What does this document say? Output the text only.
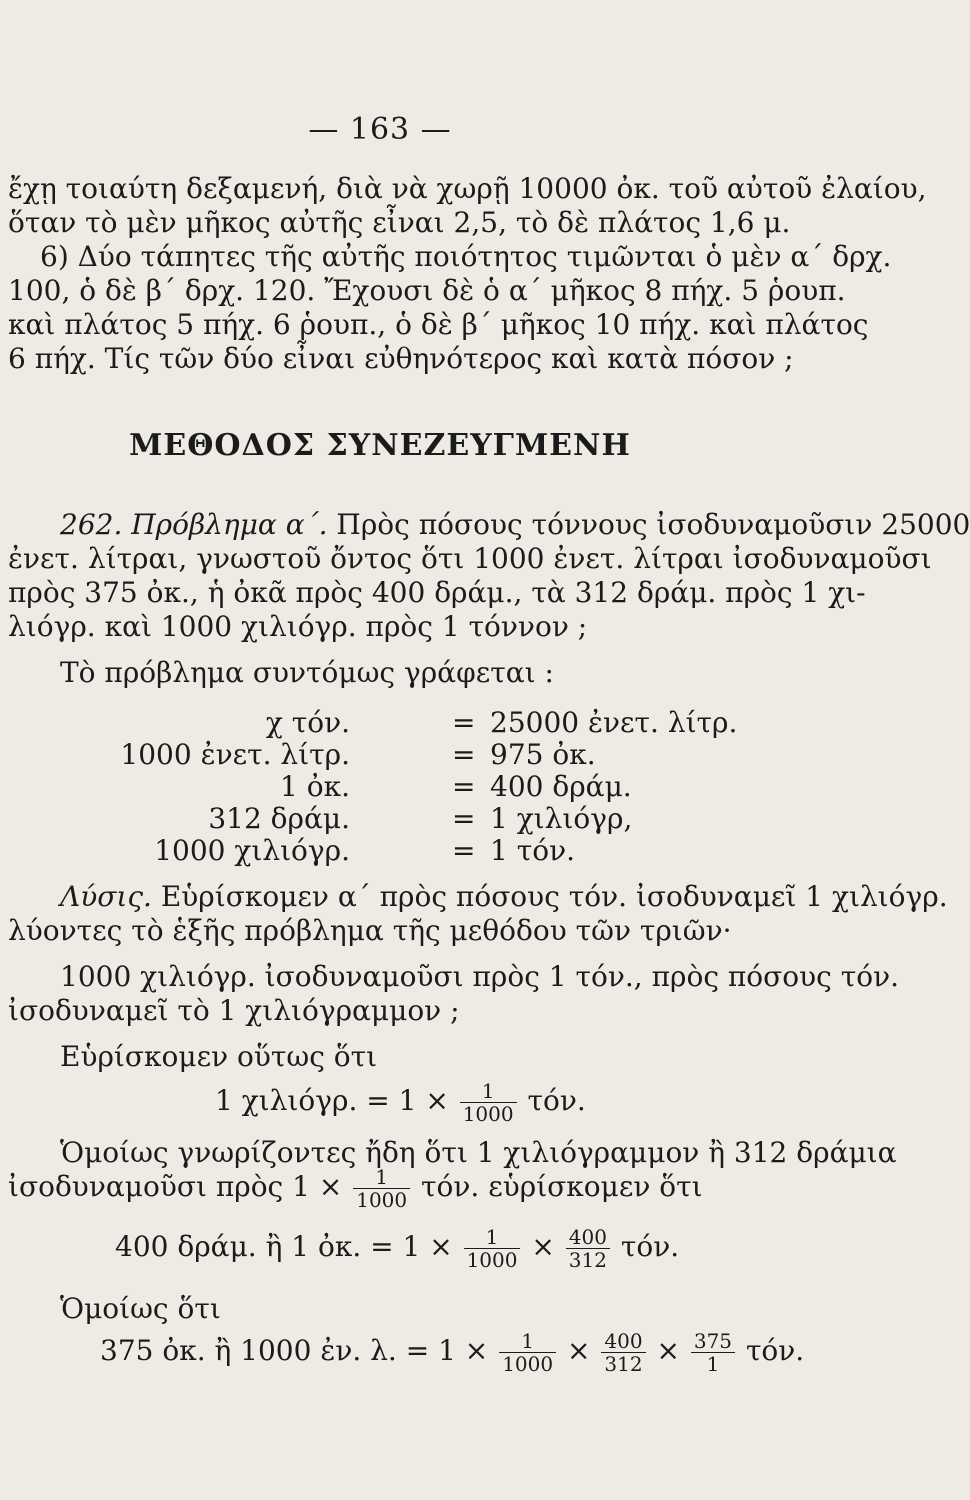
— 163 —
ἔχῃ τοιαύτη δεξαμενή, διὰ νὰ χωρῇ 10000 ὀκ. τοῦ αὐτοῦ ἐλαίου,
ὅταν τὸ μὲν μῆκος αὐτῆς εἶναι 2,5, τὸ δὲ πλάτος 1,6 μ.
6) Δύο τάπητες τῆς αὐτῆς ποιότητος τιμῶνται ὁ μὲν α΄ δρχ.
100, ὁ δὲ β΄ δρχ. 120. Ἔχουσι δὲ ὁ α΄ μῆκος 8 πήχ. 5 ῥουπ.
καὶ πλάτος 5 πήχ. 6 ῥουπ., ὁ δὲ β΄ μῆκος 10 πήχ. καὶ πλάτος
6 πήχ. Τίς τῶν δύο εἶναι εὐθηνότερος καὶ κατὰ πόσον ;
ΜΕΘΟΔΟΣ ΣΥΝΕΖΕΥΓΜΕΝΗ
262. Πρόβλημα α΄. Πρὸς πόσους τόννους ἰσοδυναμοῦσιν 25000
ἐνετ. λίτραι, γνωστοῦ ὄντος ὅτι 1000 ἐνετ. λίτραι ἰσοδυναμοῦσι
πρὸς 375 ὀκ., ἡ ὀκᾶ πρὸς 400 δράμ., τὰ 312 δράμ. πρὸς 1 χι-
λιόγρ. καὶ 1000 χιλιόγρ. πρὸς 1 τόννον ;
Τὸ πρόβλημα συντόμως γράφεται :
χ τόν.	= 25000 ἐνετ. λίτρ.
1000 ἐνετ. λίτρ.	= 975 ὀκ.
1 ὀκ.	= 400 δράμ.
312 δράμ.	= 1 χιλιόγρ,
1000 χιλιόγρ.	= 1 τόν.
Λύσις. Εὑρίσκομεν α΄ πρὸς πόσους τόν. ἰσοδυναμεῖ 1 χιλιόγρ.
λύοντες τὸ ἑξῆς πρόβλημα τῆς μεθόδου τῶν τριῶν·
1000 χιλιόγρ. ἰσοδυναμοῦσι πρὸς 1 τόν., πρὸς πόσους τόν.
ἰσοδυναμεῖ τὸ 1 χιλιόγραμμον ;
Εὑρίσκομεν οὕτως ὅτι
1 χιλιόγρ. = $1 \times \frac{1}{1000} \tau ό\nu$.
Ὁμοίως γνωρίζοντες ἤδη ὅτι 1 χιλιόγραμμον ἢ 312 δράμια
ἰσοδυναμοῦσι πρὸς $1 \times \frac{1}{1000} \tau ό\nu$. εὑρίσκομεν ὅτι
400 δράμ. ἢ 1 ὀκ. = $1 \times \frac{1}{1000} \times \frac{400}{312} \tau ό\nu$.
Ὁμοίως ὅτι
375 ὀκ. ἢ 1000 ἐν. λ. = $1 \times \frac{1}{1000} \times \frac{400}{312} \times \frac{375}{1} \tau ό\nu$.
